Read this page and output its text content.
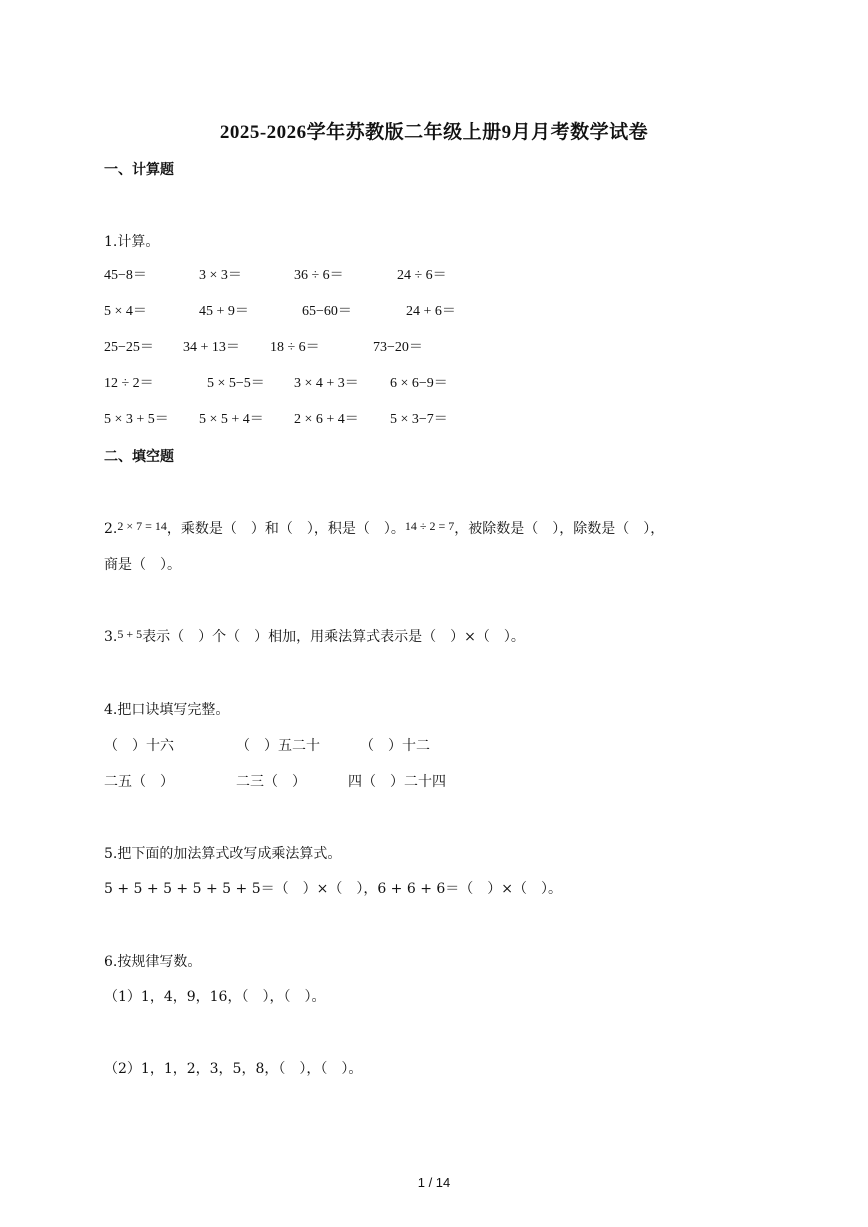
2025-2026学年苏教版二年级上册9月月考数学试卷
一、计算题
1.计算。
45−8＝	3 × 3＝	36 ÷ 6＝	24 ÷ 6＝
5 × 4＝	45 + 9＝	65−60＝	24 + 6＝
25−25＝ 34 + 13＝ 18 ÷ 6＝	73−20＝
12 ÷ 2＝	5 × 5−5＝ 3 × 4 + 3＝ 6 × 6−9＝
5 × 3 + 5＝ 5 × 5 + 4＝ 2 × 6 + 4＝ 5 × 3−7＝
二、填空题
2.2 × 7 = 14，乘数是（　）和（　），积是（　）。14 ÷ 2 = 7，被除数是（　），除数是（　），
商是（　）。
3.5 + 5表示（　）个（　）相加，用乘法算式表示是（　）×（　）。
4.把口诀填写完整。
（　）十六	（　）五二十	（　）十二
二五（　）	二三（　）	四（　）二十四
5.把下面的加法算式改写成乘法算式。
5 + 5 + 5 + 5 + 5 + 5＝（　）×（　），6 + 6 + 6＝（　）×（　）。
6.按规律写数。
（1）1，4，9，16，（　），（　）。
（2）1，1，2，3，5，8，（　），（　）。
1 / 14
